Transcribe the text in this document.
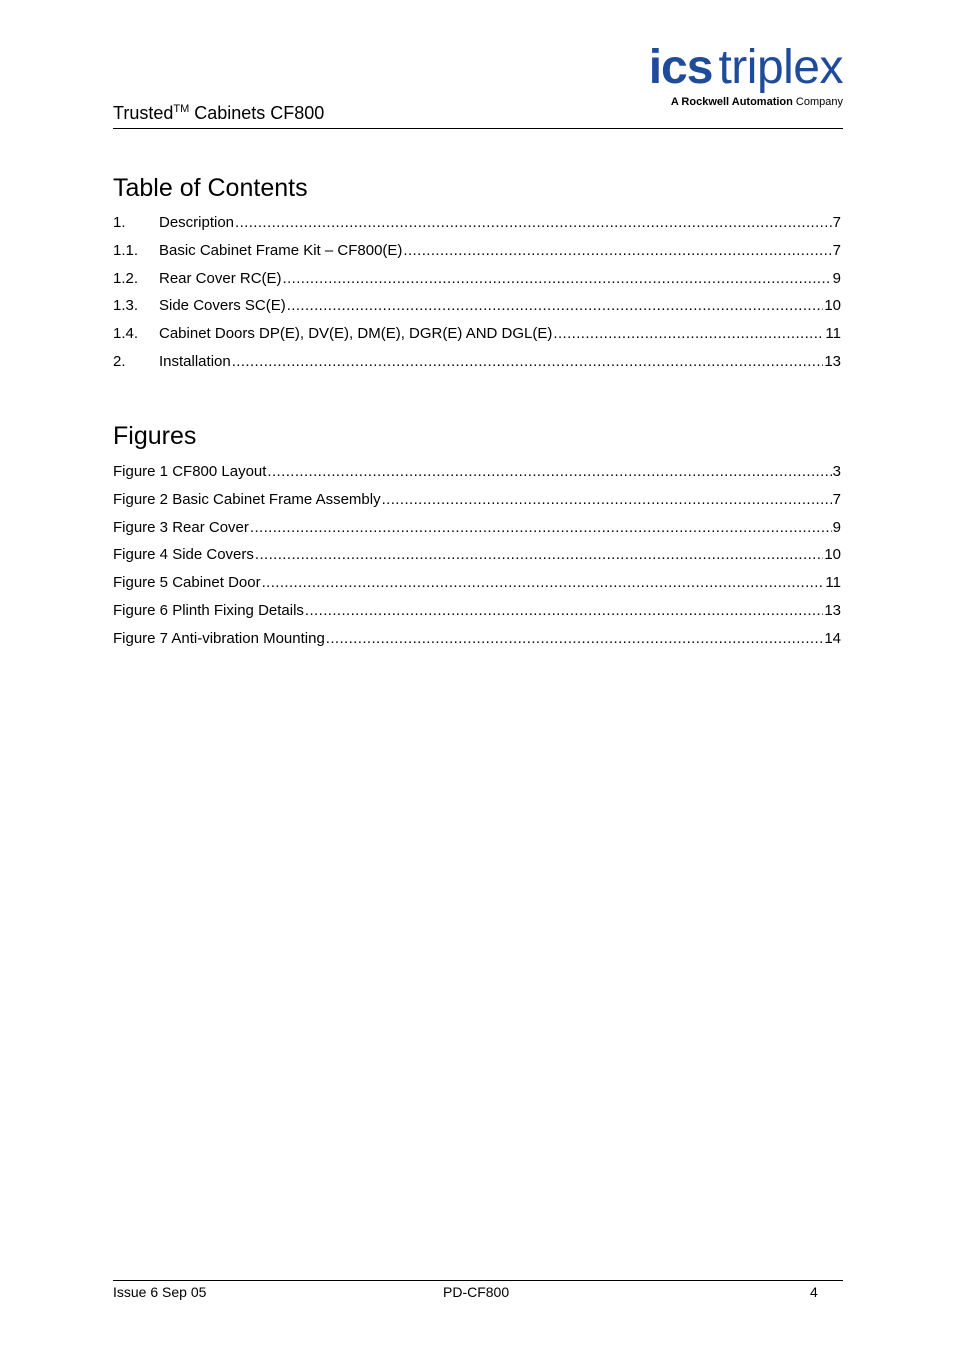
Trusted™ Cabinets CF800
ics triplex
A Rockwell Automation Company
Table of Contents
1.	Description .....	7
1.1.	Basic Cabinet Frame Kit – CF800(E) .....	7
1.2.	Rear Cover RC(E) .....	9
1.3.	Side Covers SC(E) .....	10
1.4.	Cabinet Doors DP(E), DV(E), DM(E), DGR(E) AND DGL(E) .....	11
2.	Installation .....	13
Figures
Figure 1 CF800 Layout .....	3
Figure 2 Basic Cabinet Frame Assembly .....	7
Figure 3 Rear Cover .....	9
Figure 4 Side Covers .....	10
Figure 5 Cabinet Door .....	11
Figure 6 Plinth Fixing Details .....	13
Figure 7 Anti-vibration Mounting .....	14
Issue 6 Sep 05	PD-CF800	4
